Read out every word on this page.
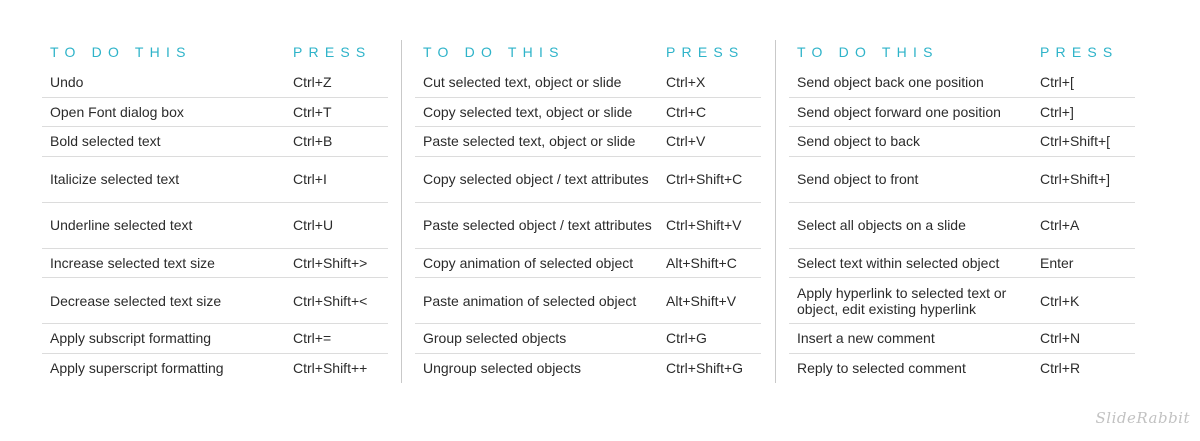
SlideRabbit
TO DO THIS	PRESS
Undo	Ctrl+Z
Open Font dialog box	Ctrl+T
Bold selected text	Ctrl+B
Italicize selected text	Ctrl+I
Underline selected text	Ctrl+U
Increase selected text size	Ctrl+Shift+>
Decrease selected text size	Ctrl+Shift+<
Apply subscript formatting	Ctrl+=
Apply superscript formatting	Ctrl+Shift++
TO DO THIS	PRESS
Cut selected text, object or slide	Ctrl+X
Copy selected text, object or slide	Ctrl+C
Paste selected text, object or slide	Ctrl+V
Copy selected object / text attributes	Ctrl+Shift+C
Paste selected object / text attributes	Ctrl+Shift+V
Copy animation of selected object	Alt+Shift+C
Paste animation of selected object	Alt+Shift+V
Group selected objects	Ctrl+G
Ungroup selected objects	Ctrl+Shift+G
TO DO THIS	PRESS
Send object back one position	Ctrl+[
Send object forward one position	Ctrl+]
Send object to back	Ctrl+Shift+[
Send object to front	Ctrl+Shift+]
Select all objects on a slide	Ctrl+A
Select text within selected object	Enter
Apply hyperlink to selected text or object, edit existing hyperlink	Ctrl+K
Insert a new comment	Ctrl+N
Reply to selected comment	Ctrl+R
